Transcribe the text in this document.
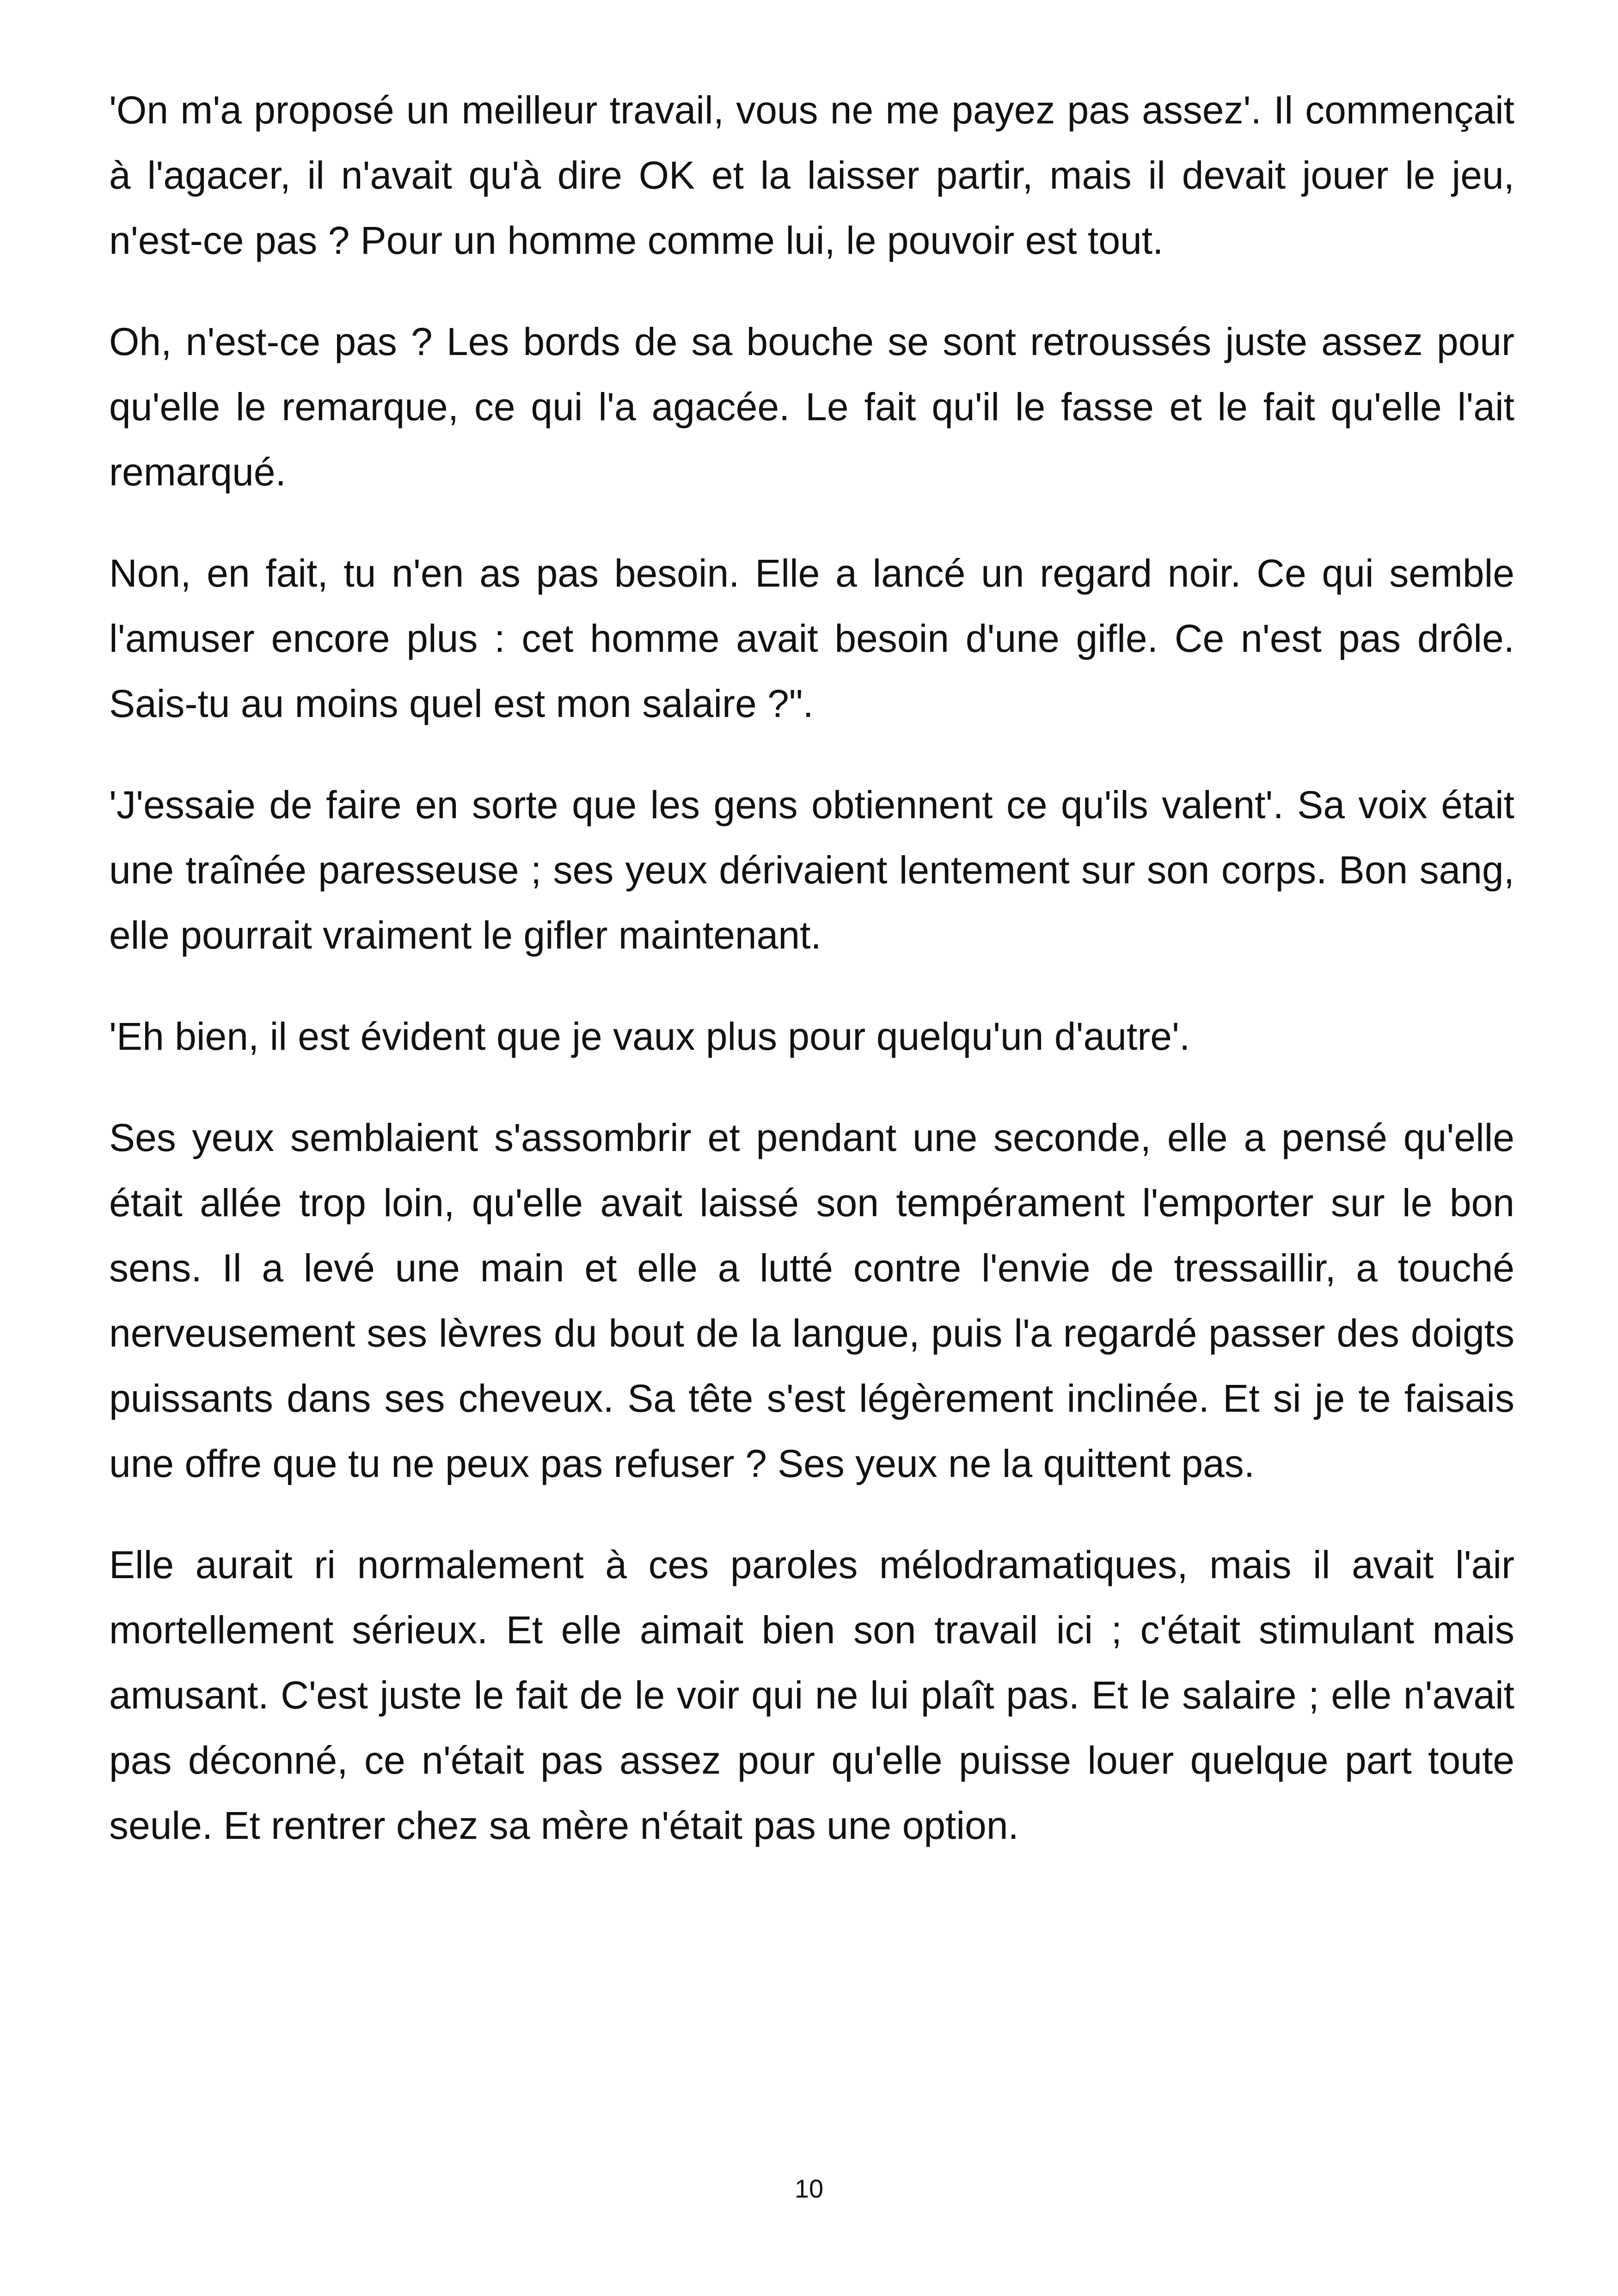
'On m'a proposé un meilleur travail, vous ne me payez pas assez'. Il commençait à l'agacer, il n'avait qu'à dire OK et la laisser partir, mais il devait jouer le jeu, n'est-ce pas ? Pour un homme comme lui, le pouvoir est tout.

Oh, n'est-ce pas ? Les bords de sa bouche se sont retroussés juste assez pour qu'elle le remarque, ce qui l'a agacée. Le fait qu'il le fasse et le fait qu'elle l'ait remarqué.

Non, en fait, tu n'en as pas besoin. Elle a lancé un regard noir. Ce qui semble l'amuser encore plus : cet homme avait besoin d'une gifle. Ce n'est pas drôle. Sais-tu au moins quel est mon salaire ?".

'J'essaie de faire en sorte que les gens obtiennent ce qu'ils valent'. Sa voix était une traînée paresseuse ; ses yeux dérivaient lentement sur son corps. Bon sang, elle pourrait vraiment le gifler maintenant.

'Eh bien, il est évident que je vaux plus pour quelqu'un d'autre'.

Ses yeux semblaient s'assombrir et pendant une seconde, elle a pensé qu'elle était allée trop loin, qu'elle avait laissé son tempérament l'emporter sur le bon sens. Il a levé une main et elle a lutté contre l'envie de tressaillir, a touché nerveusement ses lèvres du bout de la langue, puis l'a regardé passer des doigts puissants dans ses cheveux. Sa tête s'est légèrement inclinée. Et si je te faisais une offre que tu ne peux pas refuser ? Ses yeux ne la quittent pas.

Elle aurait ri normalement à ces paroles mélodramatiques, mais il avait l'air mortellement sérieux. Et elle aimait bien son travail ici ; c'était stimulant mais amusant. C'est juste le fait de le voir qui ne lui plaît pas. Et le salaire ; elle n'avait pas déconné, ce n'était pas assez pour qu'elle puisse louer quelque part toute seule. Et rentrer chez sa mère n'était pas une option.

10
